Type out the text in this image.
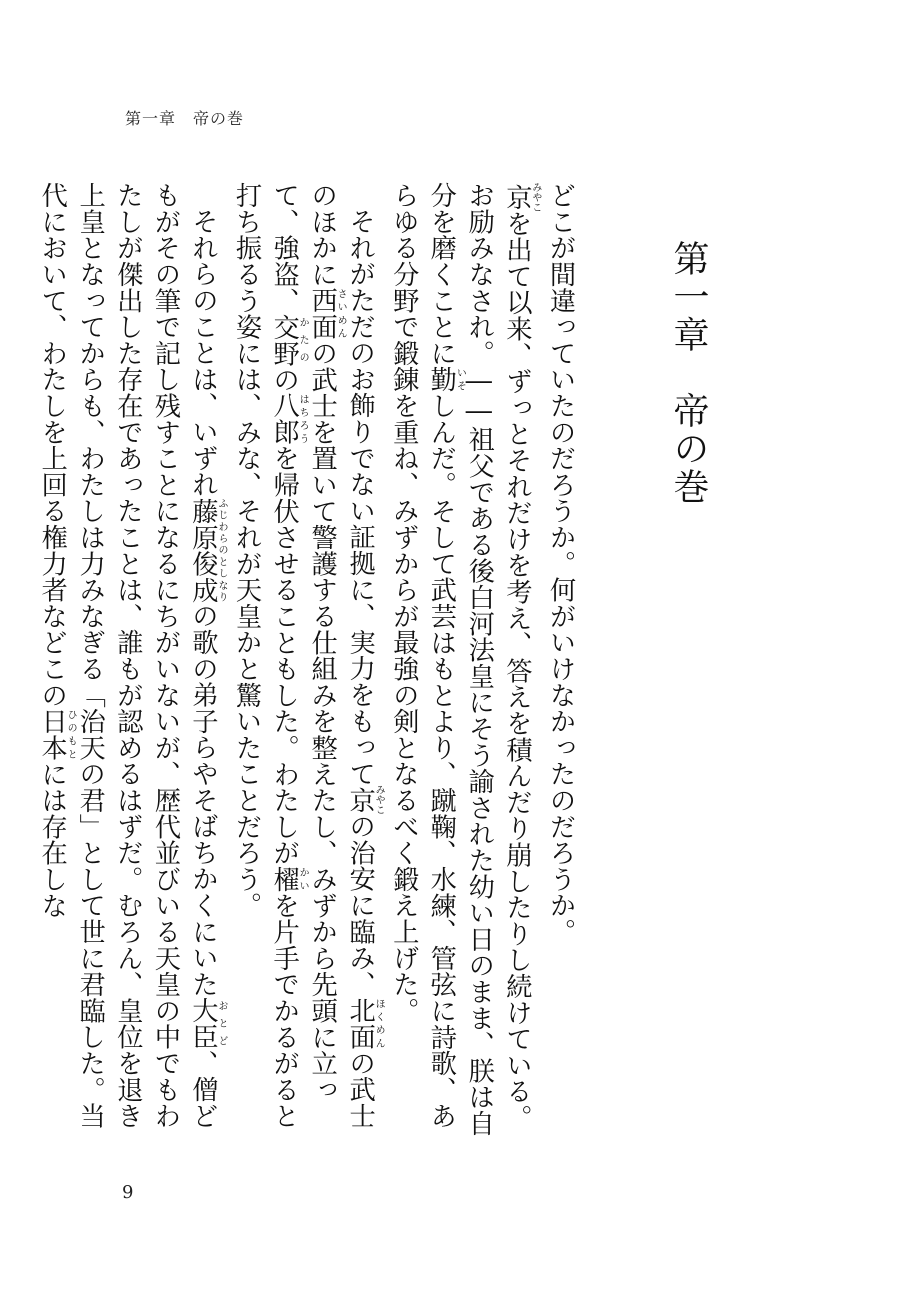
第一章　帝の巻
第一章　帝の巻

どこが間違っていたのだろうか。何がいけなかったのだろうか。

京みやこを出て以来、ずっとそれだけを考え、答えを積んだり崩したりし続けている。

お励みなされ。――祖父である後白河法皇にそう諭された幼い日のまま、朕は自分を磨くことに勤いそしんだ。そして武芸はもとより、蹴鞠、水練、管弦に詩歌、あらゆる分野で鍛錬を重ね、みずからが最強の剣となるべく鍛え上げた。

それがただのお飾りでない証拠に、実力をもって京みやこの治安に臨み、北面ほくめんの武士のほかに西面さいめんの武士を置いて警護する仕組みを整えたし、みずから先頭に立って、強盗、交野かたのの八郎はちろうを帰伏させることもした。わたしが櫂かいを片手でかるがると打ち振るう姿には、みな、それが天皇かと驚いたことだろう。

それらのことは、いずれ藤原俊成ふじわらのとしなりの歌の弟子らやそばちかくにいた大臣おとど、僧どもがその筆で記し残すことになるにちがいないが、歴代並びいる天皇の中でもわたしが傑出した存在であったことは、誰もが認めるはずだ。むろん、皇位を退き上皇となってからも、わたしは力みなぎる「治天の君」として世に君臨した。当代において、わたしを上回る権力者などこの日本ひのもとには存在しな

9
